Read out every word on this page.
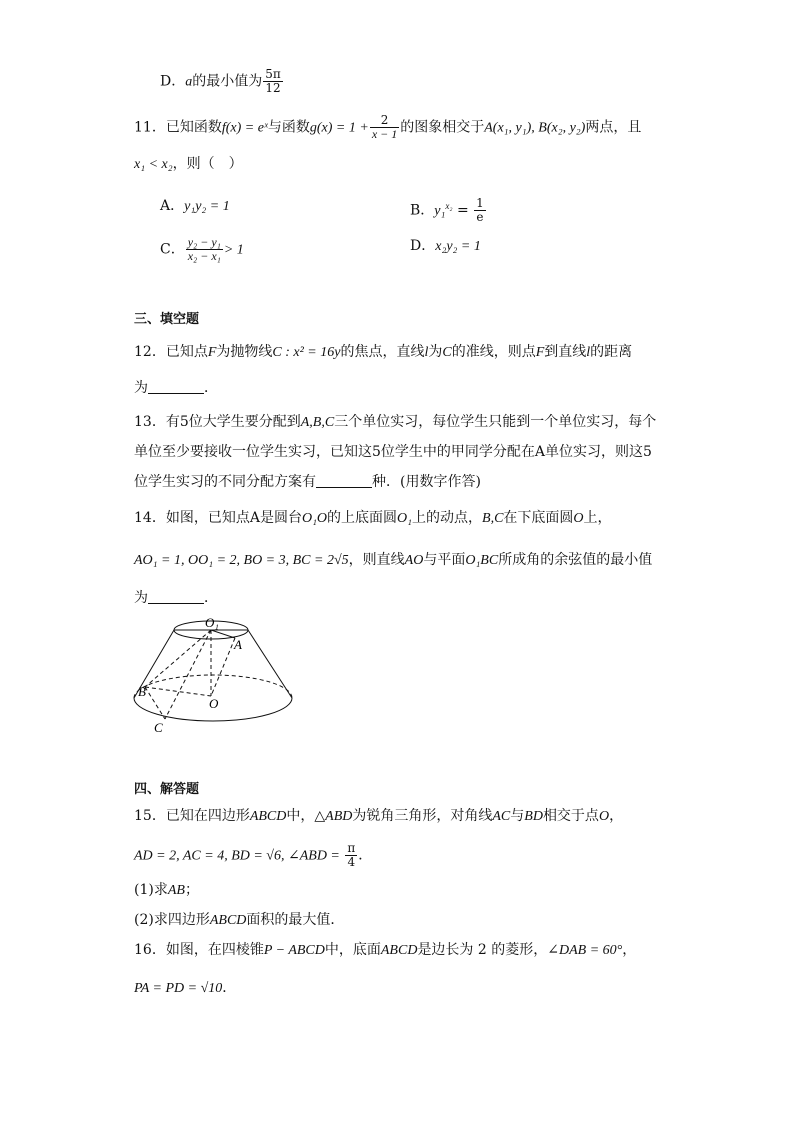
D．a的最小值为 $\frac{5\pi}{12}$
11．已知函数f(x) = eˣ与函数$g(x) = 1 + \frac{2}{x - 1}$ 的图象相交于A(x₁, y₁), B(x₂, y₂)两点，且
x₁ < x₂，则（　）
A．y₁y₂ = 1	B．$y_1^{x_2} = \frac{1}{e}$
C． $\frac{\text{y₂ − y₁}}{\text{x₂ − x₁}} > 1$	D．x₂y₂ = 1
三、填空题
12．已知点F为抛物线C : x² = 16y的焦点，直线l为C的准线，则点F到直线l的距离
为	．
13．有5位大学生要分配到A,B,C三个单位实习，每位学生只能到一个单位实习，每个
单位至少要接收一位学生实习，已知这5位学生中的甲同学分配在A单位实习，则这5
位学生实习的不同分配方案有	种．(用数字作答)
14．如图，已知点A是圆台O₁O的上底面圆O₁上的动点，B,C在下底面圆O上，
AO₁ = 1, OO₁ = 2, BO = 3, BC = 2√5，则直线AO与平面O₁BC所成角的余弦值的最小值
为	．
O₁
A
B
O
C
四、解答题
15．已知在四边形ABCD中，△ABD为锐角三角形，对角线AC与BD相交于点O，
AD = 2, AC = 4, BD = √6, ∠ABD = $\frac{\pi}{4}$ ．
(1)求AB；
(2)求四边形ABCD面积的最大值．
16．如图，在四棱锥P − ABCD中，底面ABCD是边长为 2 的菱形，∠DAB = 60°，
PA = PD = √10．
